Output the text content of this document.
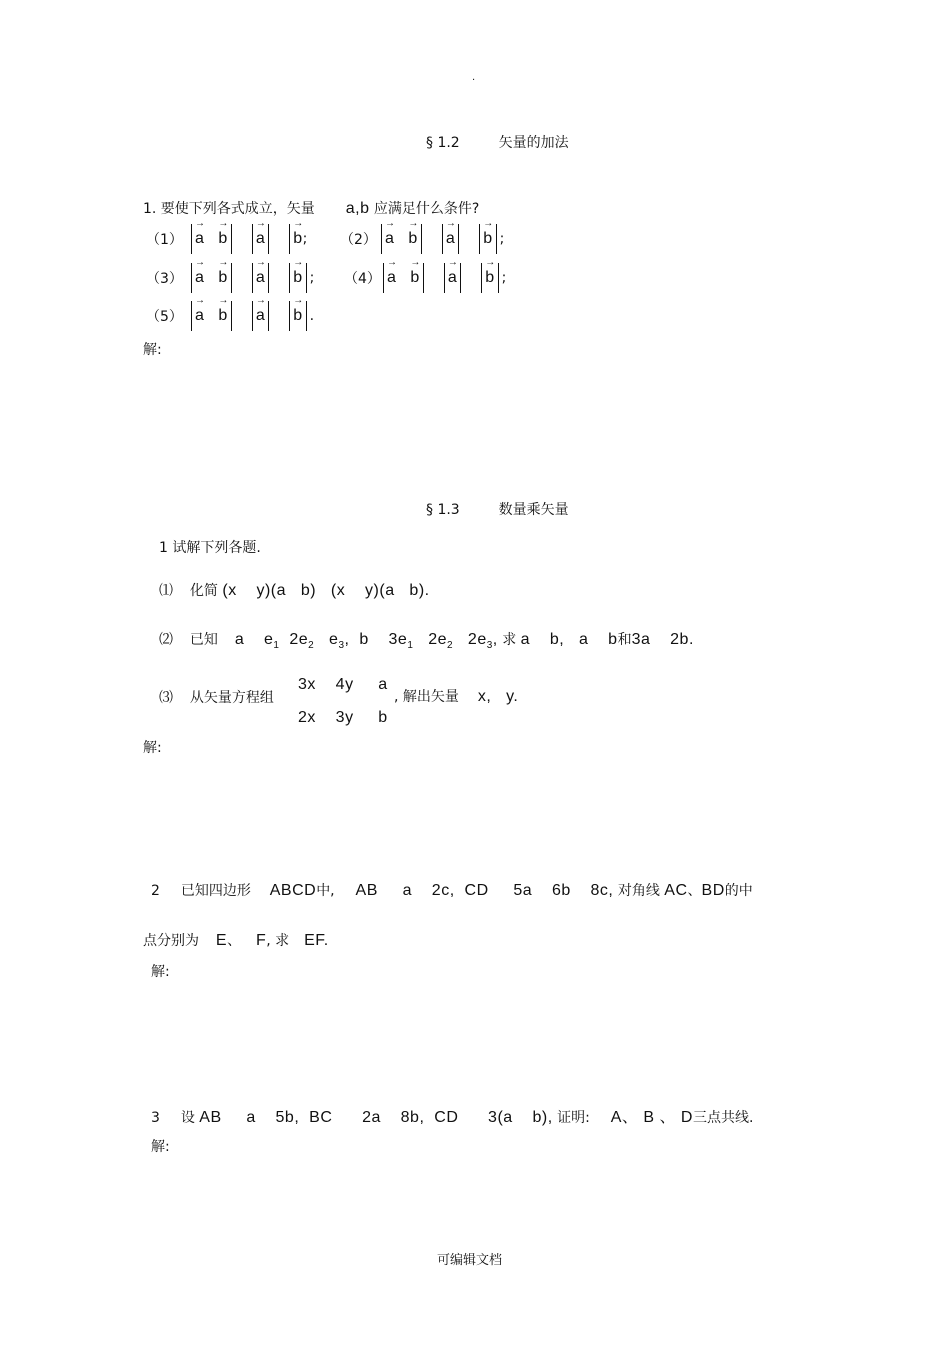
.
§ 1.2	矢量的加法
1. 要使下列各式成立，矢量 a,b 应满足什么条件?
（1） → a → b → a → b ; （2） → a → b → a → b ;
（3） → a → b → a → b ; （4） → a → b → a → b ;
（5） → a → b → a → b .
解:
§ 1.3	数量乘矢量
1 试解下列各题.
⑴ 化简 (x    y)(a   b)   (x    y)(a   b).
⑵ 已知 a    $e_1$  $2e_2$   $e_3$,  b    $3e_1$   $2e_2$   $2e_3$, 求 a    b,   a    b和3a    2b.
⑶ 从矢量方程组
3x    4y     a
2x    3y     b
, 解出矢量 x,   y.
解:
2 已知四边形 ABCD中, AB     a    2c,  CD     5a    6b    8c, 对角线 AC、BD的中
点分别为 E、 F, 求 EF.
解:
3 设 AB     a    5b,  BC      2a    8b,  CD      3(a    b), 证明: A、 B 、 D三点共线.
解:
可编辑文档
